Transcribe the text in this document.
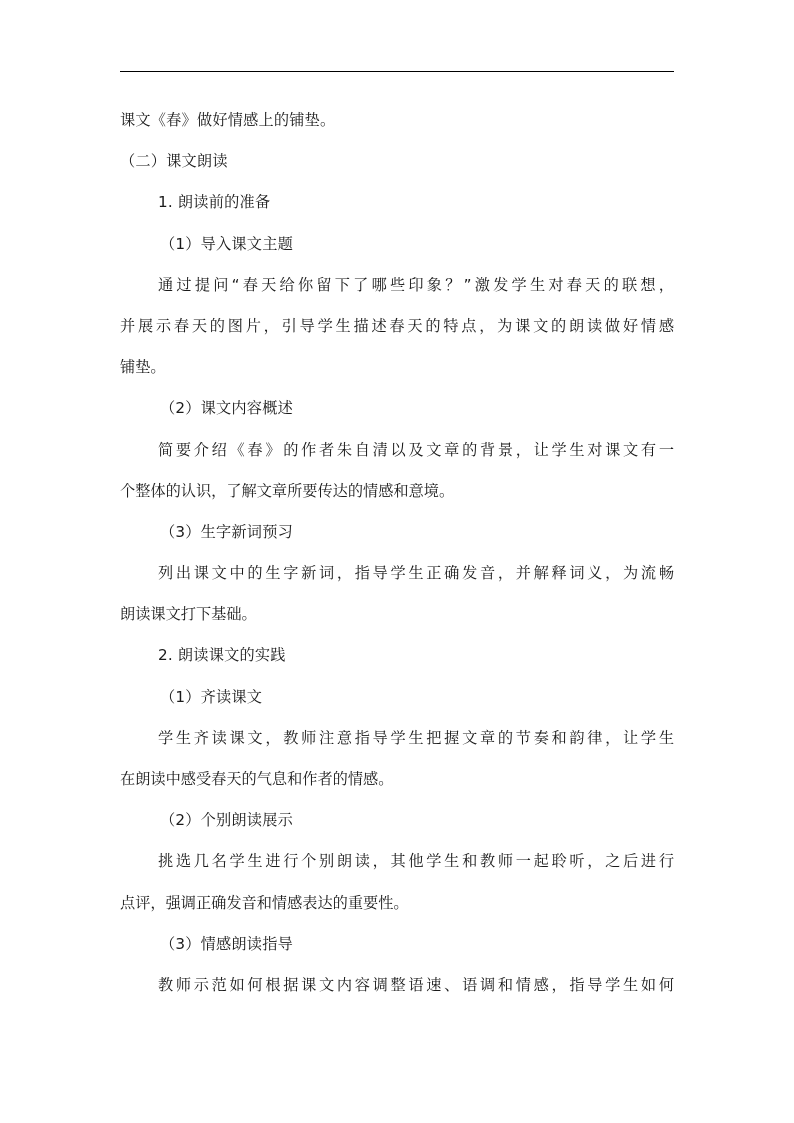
课文《春》做好情感上的铺垫。
（二）课文朗读
1. 朗读前的准备
（1）导入课文主题
通过提问“春天给你留下了哪些印象？”激发学生对春天的联想，
并展示春天的图片，引导学生描述春天的特点，为课文的朗读做好情感
铺垫。
（2）课文内容概述
简要介绍《春》的作者朱自清以及文章的背景，让学生对课文有一
个整体的认识，了解文章所要传达的情感和意境。
（3）生字新词预习
列出课文中的生字新词，指导学生正确发音，并解释词义，为流畅
朗读课文打下基础。
2. 朗读课文的实践
（1）齐读课文
学生齐读课文，教师注意指导学生把握文章的节奏和韵律，让学生
在朗读中感受春天的气息和作者的情感。
（2）个别朗读展示
挑选几名学生进行个别朗读，其他学生和教师一起聆听，之后进行
点评，强调正确发音和情感表达的重要性。
（3）情感朗读指导
教师示范如何根据课文内容调整语速、语调和情感，指导学生如何
